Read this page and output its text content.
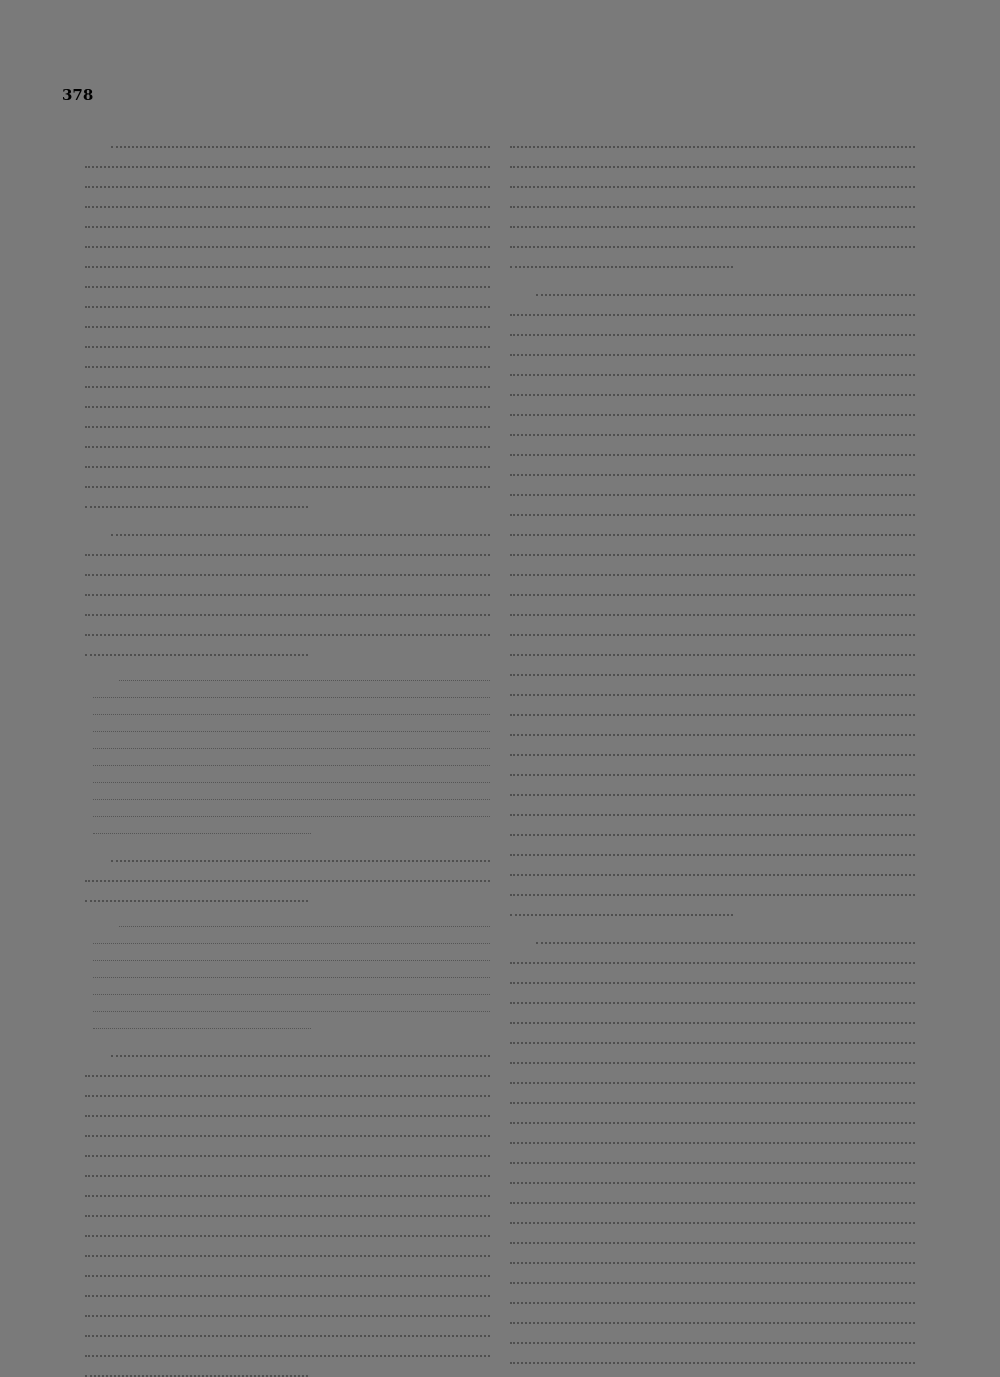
378
